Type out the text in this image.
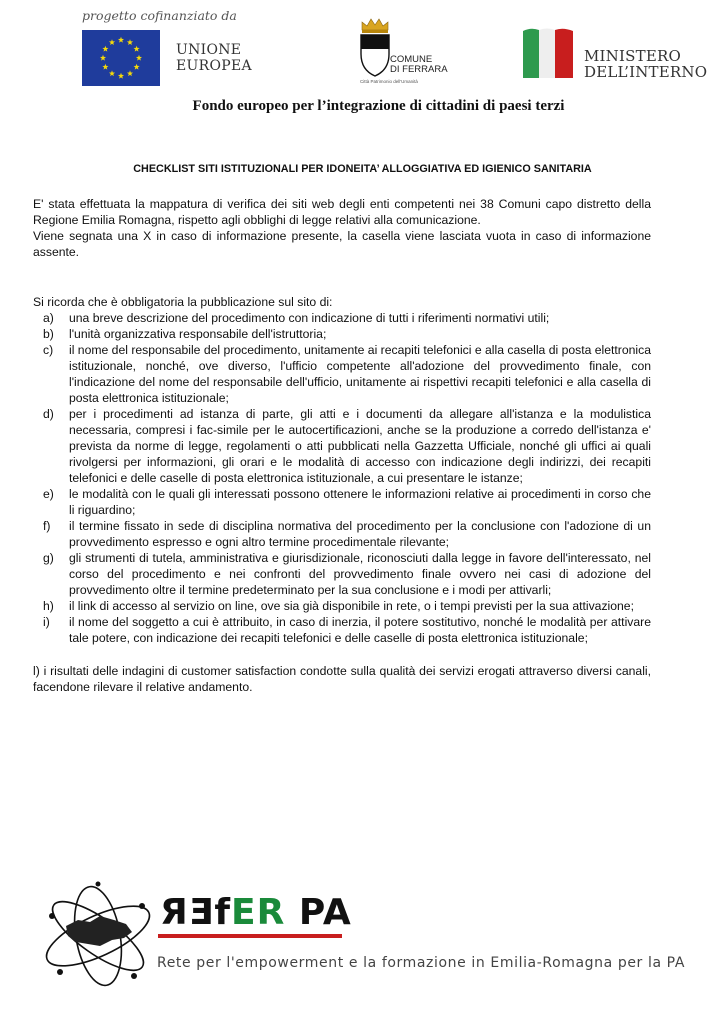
progetto cofinanziato da
UNIONE
EUROPEA	COMUNE
DI FERRARA
Città Patrimonio dell'Umanità
MINISTERO
DELL’INTERNO
Fondo europeo per l’integrazione di cittadini di paesi terzi
CHECKLIST SITI ISTITUZIONALI PER IDONEITA’ ALLOGGIATIVA ED IGIENICO SANITARIA
E' stata effettuata la mappatura di verifica dei siti web degli enti competenti nei 38 Comuni capo distretto della Regione Emilia Romagna, rispetto agli obblighi di legge relativi alla comunicazione.
Viene segnata una X in caso di informazione presente, la casella viene lasciata vuota in caso di informazione assente.
Si ricorda che è obbligatoria la pubblicazione sul sito di:
a) una breve descrizione del procedimento con indicazione di tutti i riferimenti normativi utili;
b) l'unità organizzativa responsabile dell'istruttoria;
c) il nome del responsabile del procedimento, unitamente ai recapiti telefonici e alla casella di posta elettronica istituzionale, nonché, ove diverso, l'ufficio competente all'adozione del provvedimento finale, con l'indicazione del nome del responsabile dell'ufficio, unitamente ai rispettivi recapiti telefonici e alla casella di posta elettronica istituzionale;
d) per i procedimenti ad istanza di parte, gli atti e i documenti da allegare all'istanza e la modulistica necessaria, compresi i fac-simile per le autocertificazioni, anche se la produzione a corredo dell'istanza e' prevista da norme di legge, regolamenti o atti pubblicati nella Gazzetta Ufficiale, nonché gli uffici ai quali rivolgersi per informazioni, gli orari e le modalità di accesso con indicazione degli indirizzi, dei recapiti telefonici e delle caselle di posta elettronica istituzionale, a cui presentare le istanze;
e) le modalità con le quali gli interessati possono ottenere le informazioni relative ai procedimenti in corso che li riguardino;
f) il termine fissato in sede di disciplina normativa del procedimento per la conclusione con l'adozione di un provvedimento espresso e ogni altro termine procedimentale rilevante;
g) gli strumenti di tutela, amministrativa e giurisdizionale, riconosciuti dalla legge in favore dell'interessato, nel corso del procedimento e nei confronti del provvedimento finale ovvero nei casi di adozione del provvedimento oltre il termine predeterminato per la sua conclusione e i modi per attivarli;
h) il link di accesso al servizio on line, ove sia già disponibile in rete, o i tempi previsti per la sua attivazione;
i) il nome del soggetto a cui è attribuito, in caso di inerzia, il potere sostitutivo, nonché le modalità per attivare tale potere, con indicazione dei recapiti telefonici e delle caselle di posta elettronica istituzionale;
l) i risultati delle indagini di customer satisfaction condotte sulla qualità dei servizi erogati attraverso diversi canali, facendone rilevare il relative andamento.
ЯƎfER PA
Rete per l'empowerment e la formazione in Emilia-Romagna per la PA
